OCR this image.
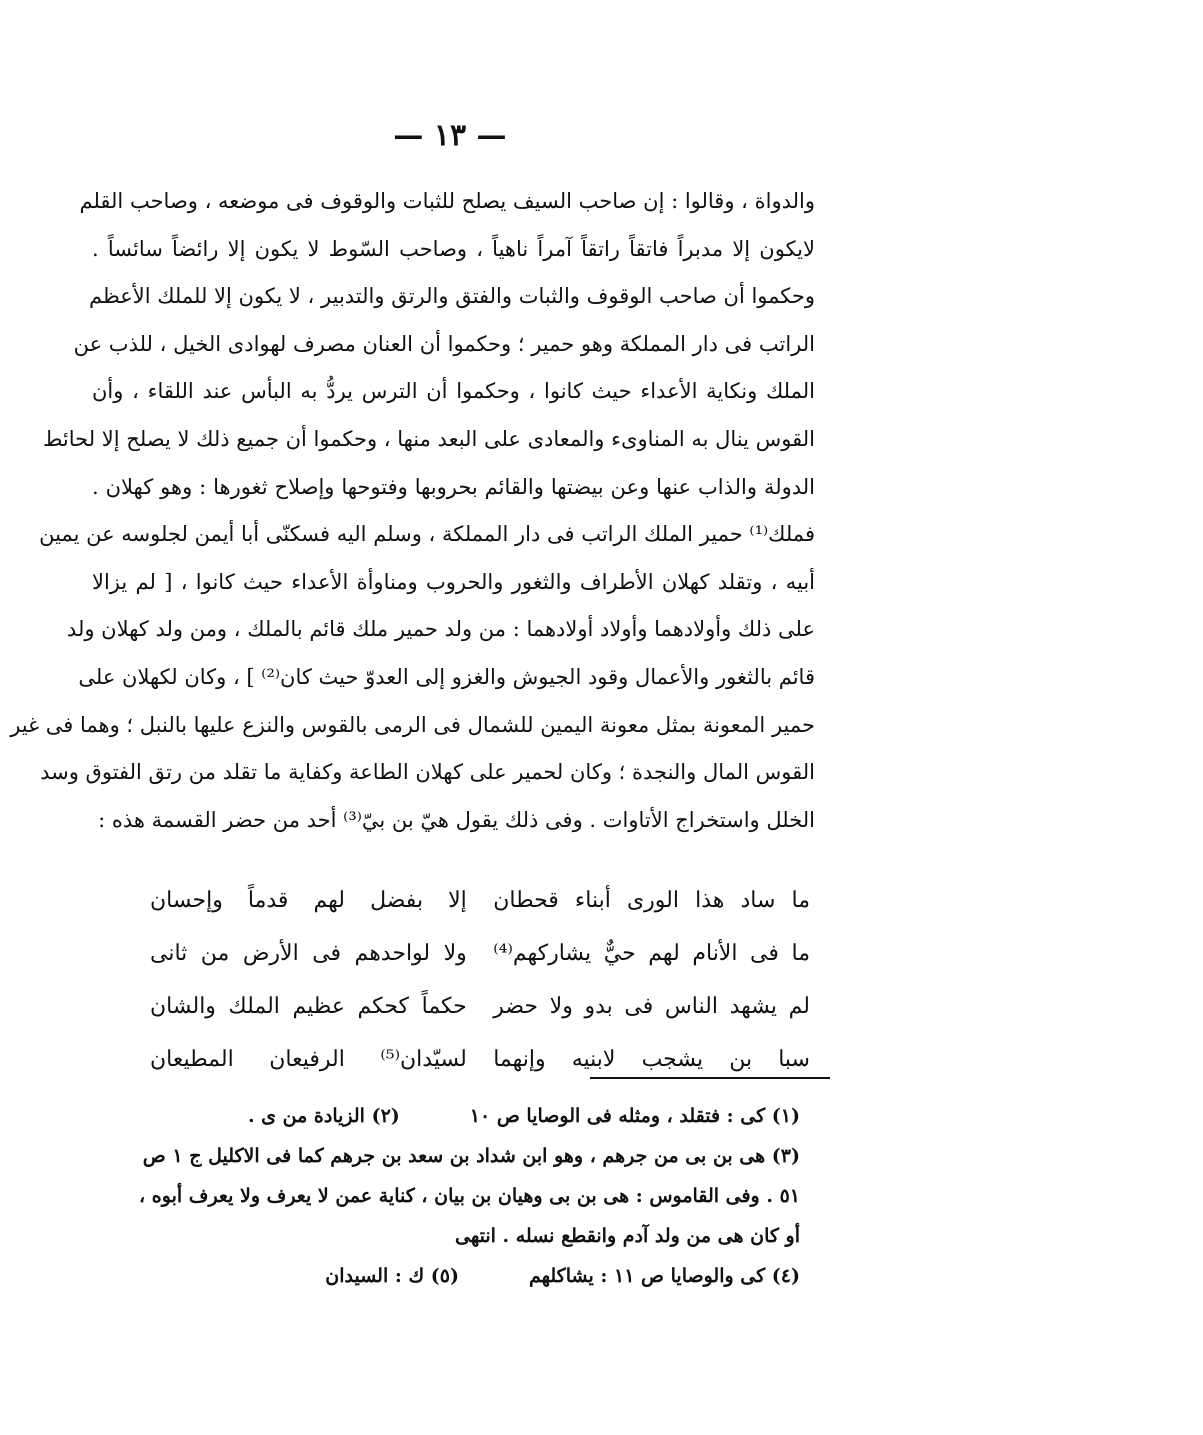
— ١٣ —
والدواة ، وقالوا : إن صاحب السيف يصلح للثبات والوقوف فى موضعه ، وصاحب القلم
لايكون إلا مدبراً فاتقاً راتقاً آمراً ناهياً ، وصاحب السّوط لا يكون إلا رائضاً سائساً .
وحكموا أن صاحب الوقوف والثبات والفتق والرتق والتدبير ، لا يكون إلا للملك الأعظم
الراتب فى دار المملكة وهو حمير ؛ وحكموا أن العنان مصرف لهوادى الخيل ، للذب عن
الملك ونكاية الأعداء حيث كانوا ، وحكموا أن الترس يردُّ به البأس عند اللقاء ، وأن
القوس ينال به المناوىء والمعادى على البعد منها ، وحكموا أن جميع ذلك لا يصلح إلا لحائط
الدولة والذاب عنها وعن بيضتها والقائم بحروبها وفتوحها وإصلاح ثغورها : وهو كهلان .
فملك⁽¹⁾ حمير الملك الراتب فى دار المملكة ، وسلم اليه فسكنّى أبا أيمن لجلوسه عن يمين
أبيه ، وتقلد كهلان الأطراف والثغور والحروب ومناوأة الأعداء حيث كانوا ، [ لم يزالا
على ذلك وأولادهما وأولاد أولادهما : من ولد حمير ملك قائم بالملك ، ومن ولد كهلان ولد
قائم بالثغور والأعمال وقود الجيوش والغزو إلى العدوّ حيث كان⁽²⁾ ] ، وكان لكهلان على
حمير المعونة بمثل معونة اليمين للشمال فى الرمى بالقوس والنزع عليها بالنبل ؛ وهما فى غير
القوس المال والنجدة ؛ وكان لحمير على كهلان الطاعة وكفاية ما تقلد من رتق الفتوق وسد
الخلل واستخراج الأتاوات . وفى ذلك يقول هيّ بن بيّ⁽³⁾ أحد من حضر القسمة هذه :
ما ساد هذا الورى أبناء قحطان
إلا بفضل لهم قدماً وإحسان
ما فى الأنام لهم حيٌّ يشاركهم⁽⁴⁾
ولا لواحدهم فى الأرض من ثانى
لم يشهد الناس فى بدو ولا حضر
حكماً كحكم عظيم الملك والشان
سبا بن يشجب لابنيه وإنهما
لسيّدان⁽⁵⁾ الرفيعان المطيعان
(١) كى : فتقلد ، ومثله فى الوصايا ص ١٠
(٢) الزيادة من ى .
(٣) هى بن بى من جرهم ، وهو ابن شداد بن سعد بن جرهم كما فى الاكليل ج ١ ص
٥١ . وفى القاموس : هى بن بى وهيان بن بيان ، كناية عمن لا يعرف ولا يعرف أبوه ،
أو كان هى من ولد آدم وانقطع نسله . انتهى
(٤) كى والوصايا ص ١١ : يشاكلهم
(٥) ك : السيدان
